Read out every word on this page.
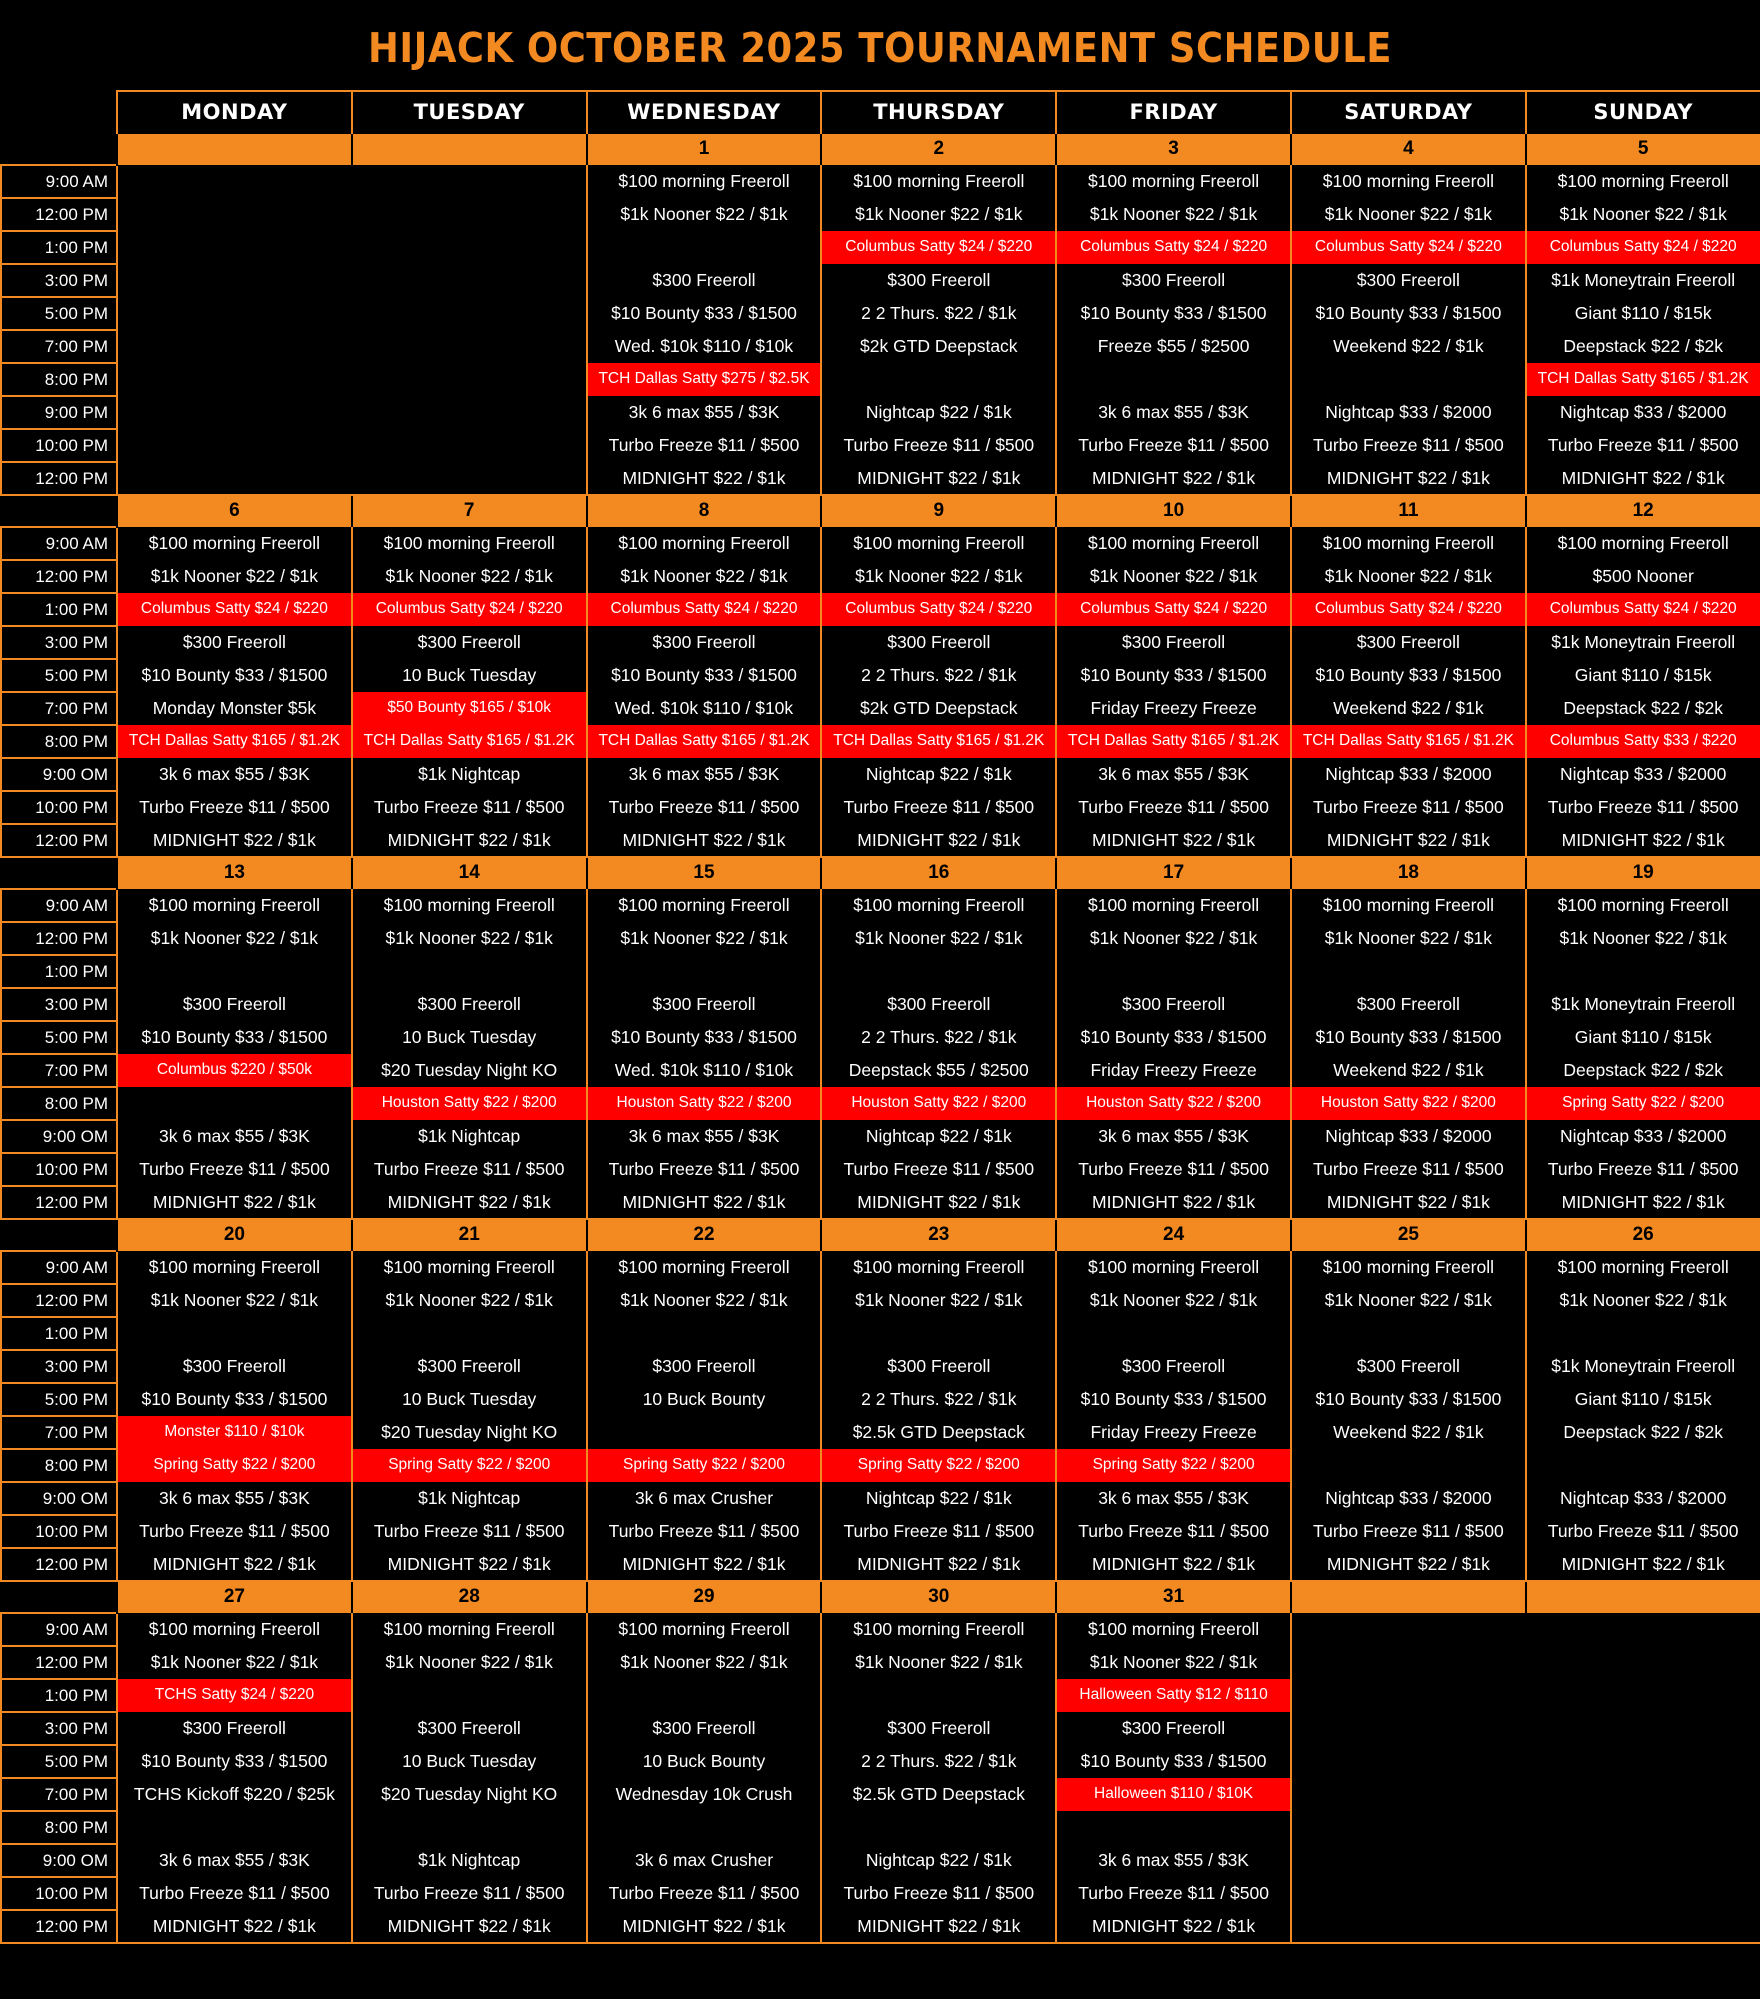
HIJACK OCTOBER 2025 TOURNAMENT SCHEDULE
	MONDAY	TUESDAY	WEDNESDAY	THURSDAY	FRIDAY	SATURDAY	SUNDAY
			1	2	3	4	5
9:00 AM			$100 morning Freeroll	$100 morning Freeroll	$100 morning Freeroll	$100 morning Freeroll	$100 morning Freeroll
12:00 PM			$1k Nooner $22 / $1k	$1k Nooner $22 / $1k	$1k Nooner $22 / $1k	$1k Nooner $22 / $1k	$1k Nooner $22 / $1k
1:00 PM				Columbus Satty $24 / $220	Columbus Satty $24 / $220	Columbus Satty $24 / $220	Columbus Satty $24 / $220
3:00 PM			$300 Freeroll	$300 Freeroll	$300 Freeroll	$300 Freeroll	$1k Moneytrain Freeroll
5:00 PM			$10 Bounty $33 / $1500	2 2 Thurs. $22 / $1k	$10 Bounty $33 / $1500	$10 Bounty $33 / $1500	Giant $110 / $15k
7:00 PM			Wed. $10k $110 / $10k	$2k GTD Deepstack	Freeze $55 / $2500	Weekend $22 / $1k	Deepstack $22 / $2k
8:00 PM			TCH Dallas Satty $275 / $2.5K				TCH Dallas Satty $165 / $1.2K
9:00 PM			3k 6 max $55 / $3K	Nightcap $22 / $1k	3k 6 max $55 / $3K	Nightcap $33 / $2000	Nightcap $33 / $2000
10:00 PM			Turbo Freeze $11 / $500	Turbo Freeze $11 / $500	Turbo Freeze $11 / $500	Turbo Freeze $11 / $500	Turbo Freeze $11 / $500
12:00 PM			MIDNIGHT $22 / $1k	MIDNIGHT $22 / $1k	MIDNIGHT $22 / $1k	MIDNIGHT $22 / $1k	MIDNIGHT $22 / $1k
	6	7	8	9	10	11	12
9:00 AM	$100 morning Freeroll	$100 morning Freeroll	$100 morning Freeroll	$100 morning Freeroll	$100 morning Freeroll	$100 morning Freeroll	$100 morning Freeroll
12:00 PM	$1k Nooner $22 / $1k	$1k Nooner $22 / $1k	$1k Nooner $22 / $1k	$1k Nooner $22 / $1k	$1k Nooner $22 / $1k	$1k Nooner $22 / $1k	$500 Nooner
1:00 PM	Columbus Satty $24 / $220	Columbus Satty $24 / $220	Columbus Satty $24 / $220	Columbus Satty $24 / $220	Columbus Satty $24 / $220	Columbus Satty $24 / $220	Columbus Satty $24 / $220
3:00 PM	$300 Freeroll	$300 Freeroll	$300 Freeroll	$300 Freeroll	$300 Freeroll	$300 Freeroll	$1k Moneytrain Freeroll
5:00 PM	$10 Bounty $33 / $1500	10 Buck Tuesday	$10 Bounty $33 / $1500	2 2 Thurs. $22 / $1k	$10 Bounty $33 / $1500	$10 Bounty $33 / $1500	Giant $110 / $15k
7:00 PM	Monday Monster $5k	$50 Bounty $165 / $10k	Wed. $10k $110 / $10k	$2k GTD Deepstack	Friday Freezy Freeze	Weekend $22 / $1k	Deepstack $22 / $2k
8:00 PM	TCH Dallas Satty $165 / $1.2K	TCH Dallas Satty $165 / $1.2K	TCH Dallas Satty $165 / $1.2K	TCH Dallas Satty $165 / $1.2K	TCH Dallas Satty $165 / $1.2K	TCH Dallas Satty $165 / $1.2K	Columbus Satty $33 / $220
9:00 OM	3k 6 max $55 / $3K	$1k Nightcap	3k 6 max $55 / $3K	Nightcap $22 / $1k	3k 6 max $55 / $3K	Nightcap $33 / $2000	Nightcap $33 / $2000
10:00 PM	Turbo Freeze $11 / $500	Turbo Freeze $11 / $500	Turbo Freeze $11 / $500	Turbo Freeze $11 / $500	Turbo Freeze $11 / $500	Turbo Freeze $11 / $500	Turbo Freeze $11 / $500
12:00 PM	MIDNIGHT $22 / $1k	MIDNIGHT $22 / $1k	MIDNIGHT $22 / $1k	MIDNIGHT $22 / $1k	MIDNIGHT $22 / $1k	MIDNIGHT $22 / $1k	MIDNIGHT $22 / $1k
	13	14	15	16	17	18	19
9:00 AM	$100 morning Freeroll	$100 morning Freeroll	$100 morning Freeroll	$100 morning Freeroll	$100 morning Freeroll	$100 morning Freeroll	$100 morning Freeroll
12:00 PM	$1k Nooner $22 / $1k	$1k Nooner $22 / $1k	$1k Nooner $22 / $1k	$1k Nooner $22 / $1k	$1k Nooner $22 / $1k	$1k Nooner $22 / $1k	$1k Nooner $22 / $1k
1:00 PM							
3:00 PM	$300 Freeroll	$300 Freeroll	$300 Freeroll	$300 Freeroll	$300 Freeroll	$300 Freeroll	$1k Moneytrain Freeroll
5:00 PM	$10 Bounty $33 / $1500	10 Buck Tuesday	$10 Bounty $33 / $1500	2 2 Thurs. $22 / $1k	$10 Bounty $33 / $1500	$10 Bounty $33 / $1500	Giant $110 / $15k
7:00 PM	Columbus $220 / $50k	$20 Tuesday Night KO	Wed. $10k $110 / $10k	Deepstack $55 / $2500	Friday Freezy Freeze	Weekend $22 / $1k	Deepstack $22 / $2k
8:00 PM		Houston Satty $22 / $200	Houston Satty $22 / $200	Houston Satty $22 / $200	Houston Satty $22 / $200	Houston Satty $22 / $200	Spring Satty $22 / $200
9:00 OM	3k 6 max $55 / $3K	$1k Nightcap	3k 6 max $55 / $3K	Nightcap $22 / $1k	3k 6 max $55 / $3K	Nightcap $33 / $2000	Nightcap $33 / $2000
10:00 PM	Turbo Freeze $11 / $500	Turbo Freeze $11 / $500	Turbo Freeze $11 / $500	Turbo Freeze $11 / $500	Turbo Freeze $11 / $500	Turbo Freeze $11 / $500	Turbo Freeze $11 / $500
12:00 PM	MIDNIGHT $22 / $1k	MIDNIGHT $22 / $1k	MIDNIGHT $22 / $1k	MIDNIGHT $22 / $1k	MIDNIGHT $22 / $1k	MIDNIGHT $22 / $1k	MIDNIGHT $22 / $1k
	20	21	22	23	24	25	26
9:00 AM	$100 morning Freeroll	$100 morning Freeroll	$100 morning Freeroll	$100 morning Freeroll	$100 morning Freeroll	$100 morning Freeroll	$100 morning Freeroll
12:00 PM	$1k Nooner $22 / $1k	$1k Nooner $22 / $1k	$1k Nooner $22 / $1k	$1k Nooner $22 / $1k	$1k Nooner $22 / $1k	$1k Nooner $22 / $1k	$1k Nooner $22 / $1k
1:00 PM							
3:00 PM	$300 Freeroll	$300 Freeroll	$300 Freeroll	$300 Freeroll	$300 Freeroll	$300 Freeroll	$1k Moneytrain Freeroll
5:00 PM	$10 Bounty $33 / $1500	10 Buck Tuesday	10 Buck Bounty	2 2 Thurs. $22 / $1k	$10 Bounty $33 / $1500	$10 Bounty $33 / $1500	Giant $110 / $15k
7:00 PM	Monster $110 / $10k	$20 Tuesday Night KO		$2.5k GTD Deepstack	Friday Freezy Freeze	Weekend $22 / $1k	Deepstack $22 / $2k
8:00 PM	Spring Satty $22 / $200	Spring Satty $22 / $200	Spring Satty $22 / $200	Spring Satty $22 / $200	Spring Satty $22 / $200		
9:00 OM	3k 6 max $55 / $3K	$1k Nightcap	3k 6 max Crusher	Nightcap $22 / $1k	3k 6 max $55 / $3K	Nightcap $33 / $2000	Nightcap $33 / $2000
10:00 PM	Turbo Freeze $11 / $500	Turbo Freeze $11 / $500	Turbo Freeze $11 / $500	Turbo Freeze $11 / $500	Turbo Freeze $11 / $500	Turbo Freeze $11 / $500	Turbo Freeze $11 / $500
12:00 PM	MIDNIGHT $22 / $1k	MIDNIGHT $22 / $1k	MIDNIGHT $22 / $1k	MIDNIGHT $22 / $1k	MIDNIGHT $22 / $1k	MIDNIGHT $22 / $1k	MIDNIGHT $22 / $1k
	27	28	29	30	31		
9:00 AM	$100 morning Freeroll	$100 morning Freeroll	$100 morning Freeroll	$100 morning Freeroll	$100 morning Freeroll		
12:00 PM	$1k Nooner $22 / $1k	$1k Nooner $22 / $1k	$1k Nooner $22 / $1k	$1k Nooner $22 / $1k	$1k Nooner $22 / $1k		
1:00 PM	TCHS Satty $24 / $220				Halloween Satty $12 / $110		
3:00 PM	$300 Freeroll	$300 Freeroll	$300 Freeroll	$300 Freeroll	$300 Freeroll		
5:00 PM	$10 Bounty $33 / $1500	10 Buck Tuesday	10 Buck Bounty	2 2 Thurs. $22 / $1k	$10 Bounty $33 / $1500		
7:00 PM	TCHS Kickoff $220 / $25k	$20 Tuesday Night KO	Wednesday 10k Crush	$2.5k GTD Deepstack	Halloween $110 / $10K		
8:00 PM							
9:00 OM	3k 6 max $55 / $3K	$1k Nightcap	3k 6 max Crusher	Nightcap $22 / $1k	3k 6 max $55 / $3K		
10:00 PM	Turbo Freeze $11 / $500	Turbo Freeze $11 / $500	Turbo Freeze $11 / $500	Turbo Freeze $11 / $500	Turbo Freeze $11 / $500		
12:00 PM	MIDNIGHT $22 / $1k	MIDNIGHT $22 / $1k	MIDNIGHT $22 / $1k	MIDNIGHT $22 / $1k	MIDNIGHT $22 / $1k		
